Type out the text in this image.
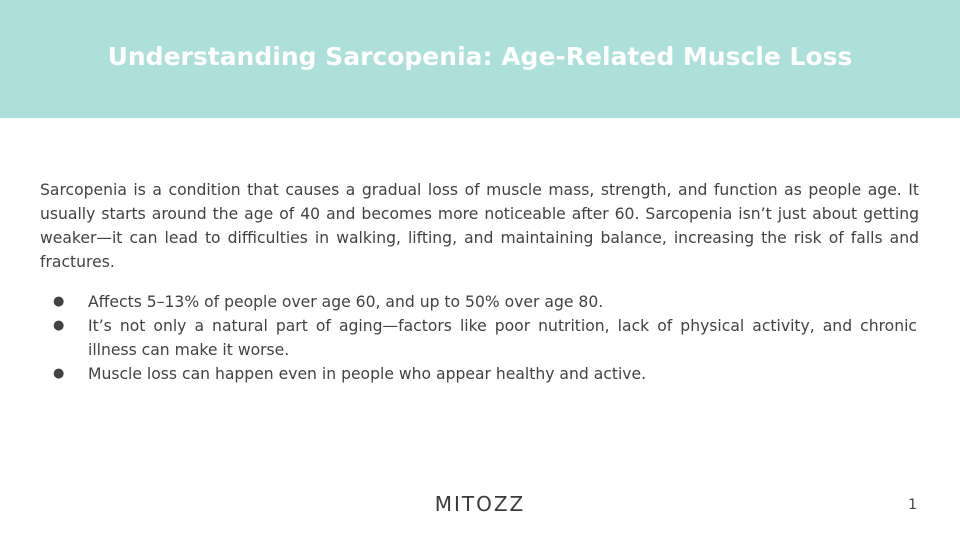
Understanding Sarcopenia: Age-Related Muscle Loss

Sarcopenia is a condition that causes a gradual loss of muscle mass, strength, and function as people age. It usually starts around the age of 40 and becomes more noticeable after 60. Sarcopenia isn’t just about getting weaker—it can lead to difficulties in walking, lifting, and maintaining balance, increasing the risk of falls and fractures.

● Affects 5–13% of people over age 60, and up to 50% over age 80.
● It’s not only a natural part of aging—factors like poor nutrition, lack of physical activity, and chronic illness can make it worse.
● Muscle loss can happen even in people who appear healthy and active.
MITOZZ	1
